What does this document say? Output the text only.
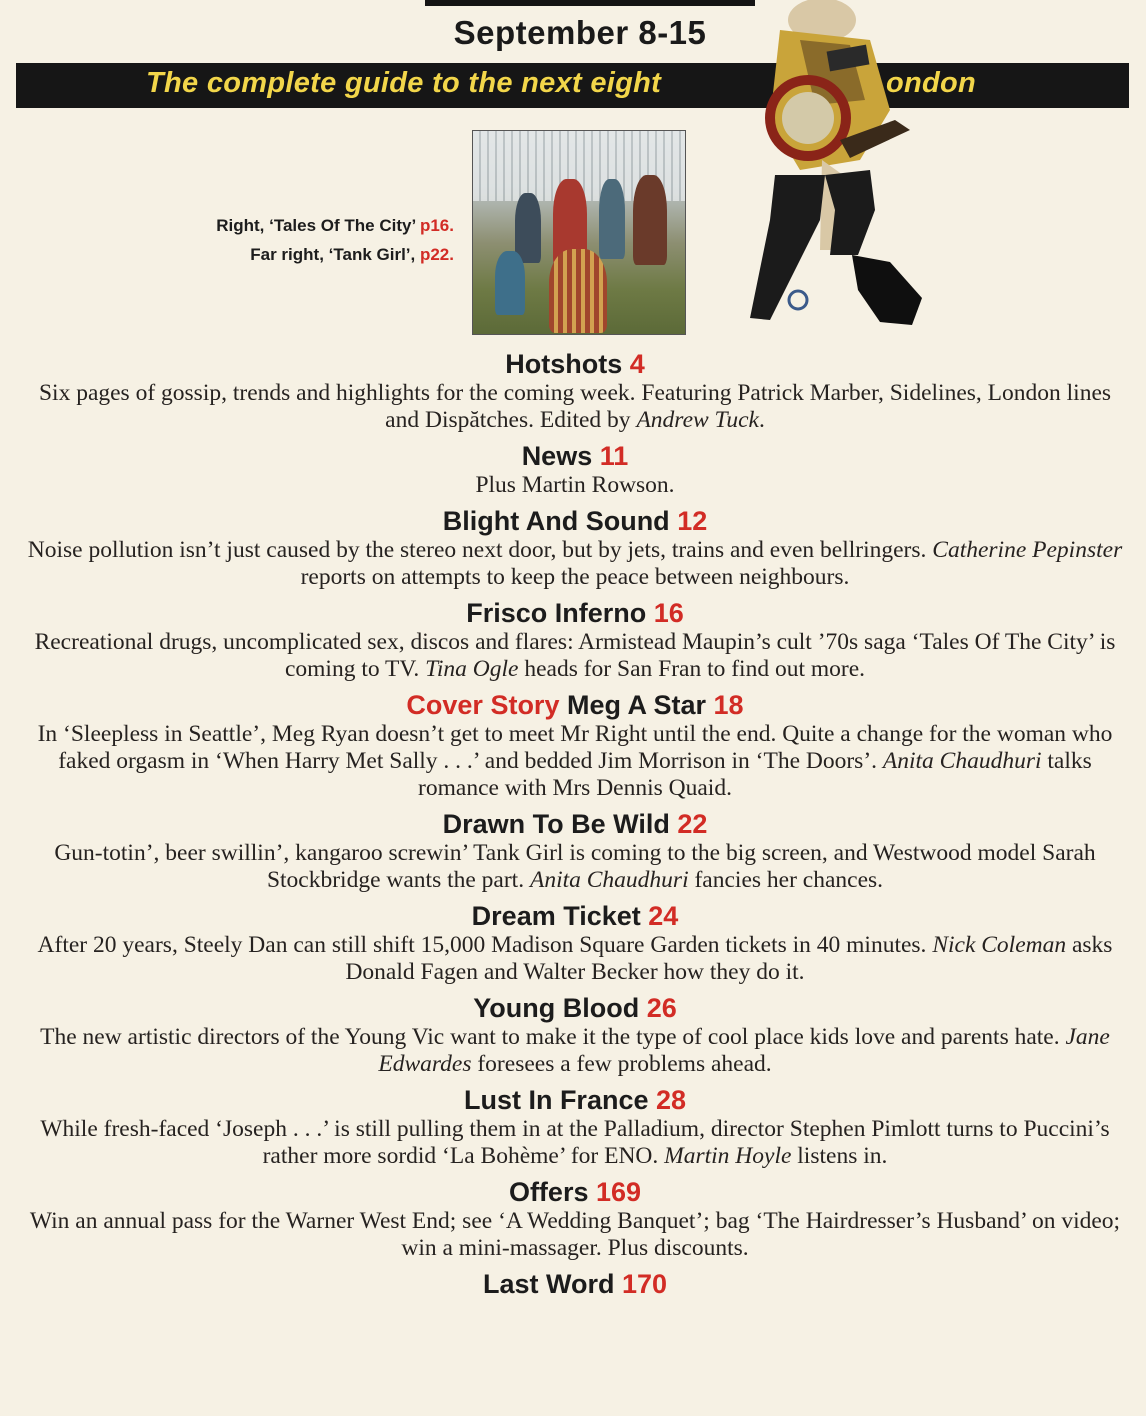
September 8-15
The complete guide to the next eight	ondon
Right, ‘Tales Of The City’ p16.
Far right, ‘Tank Girl’, p22.
Hotshots 4
Six pages of gossip, trends and highlights for the coming week. Featuring Patrick Marber, Sidelines, London lines and Dispătches. Edited by Andrew Tuck.
News 11
Plus Martin Rowson.
Blight And Sound 12
Noise pollution isn’t just caused by the stereo next door, but by jets, trains and even bellringers. Catherine Pepinster reports on attempts to keep the peace between neighbours.
Frisco Inferno 16
Recreational drugs, uncomplicated sex, discos and flares: Armistead Maupin’s cult ’70s saga ‘Tales Of The City’ is coming to TV. Tina Ogle heads for San Fran to find out more.
Cover Story Meg A Star 18
In ‘Sleepless in Seattle’, Meg Ryan doesn’t get to meet Mr Right until the end. Quite a change for the woman who faked orgasm in ‘When Harry Met Sally . . .’ and bedded Jim Morrison in ‘The Doors’. Anita Chaudhuri talks romance with Mrs Dennis Quaid.
Drawn To Be Wild 22
Gun-totin’, beer swillin’, kangaroo screwin’ Tank Girl is coming to the big screen, and Westwood model Sarah Stockbridge wants the part. Anita Chaudhuri fancies her chances.
Dream Ticket 24
After 20 years, Steely Dan can still shift 15,000 Madison Square Garden tickets in 40 minutes. Nick Coleman asks Donald Fagen and Walter Becker how they do it.
Young Blood 26
The new artistic directors of the Young Vic want to make it the type of cool place kids love and parents hate. Jane Edwardes foresees a few problems ahead.
Lust In France 28
While fresh-faced ‘Joseph . . .’ is still pulling them in at the Palladium, director Stephen Pimlott turns to Puccini’s rather more sordid ‘La Bohème’ for ENO. Martin Hoyle listens in.
Offers 169
Win an annual pass for the Warner West End; see ‘A Wedding Banquet’; bag ‘The Hairdresser’s Husband’ on video; win a mini-massager. Plus discounts.
Last Word 170
